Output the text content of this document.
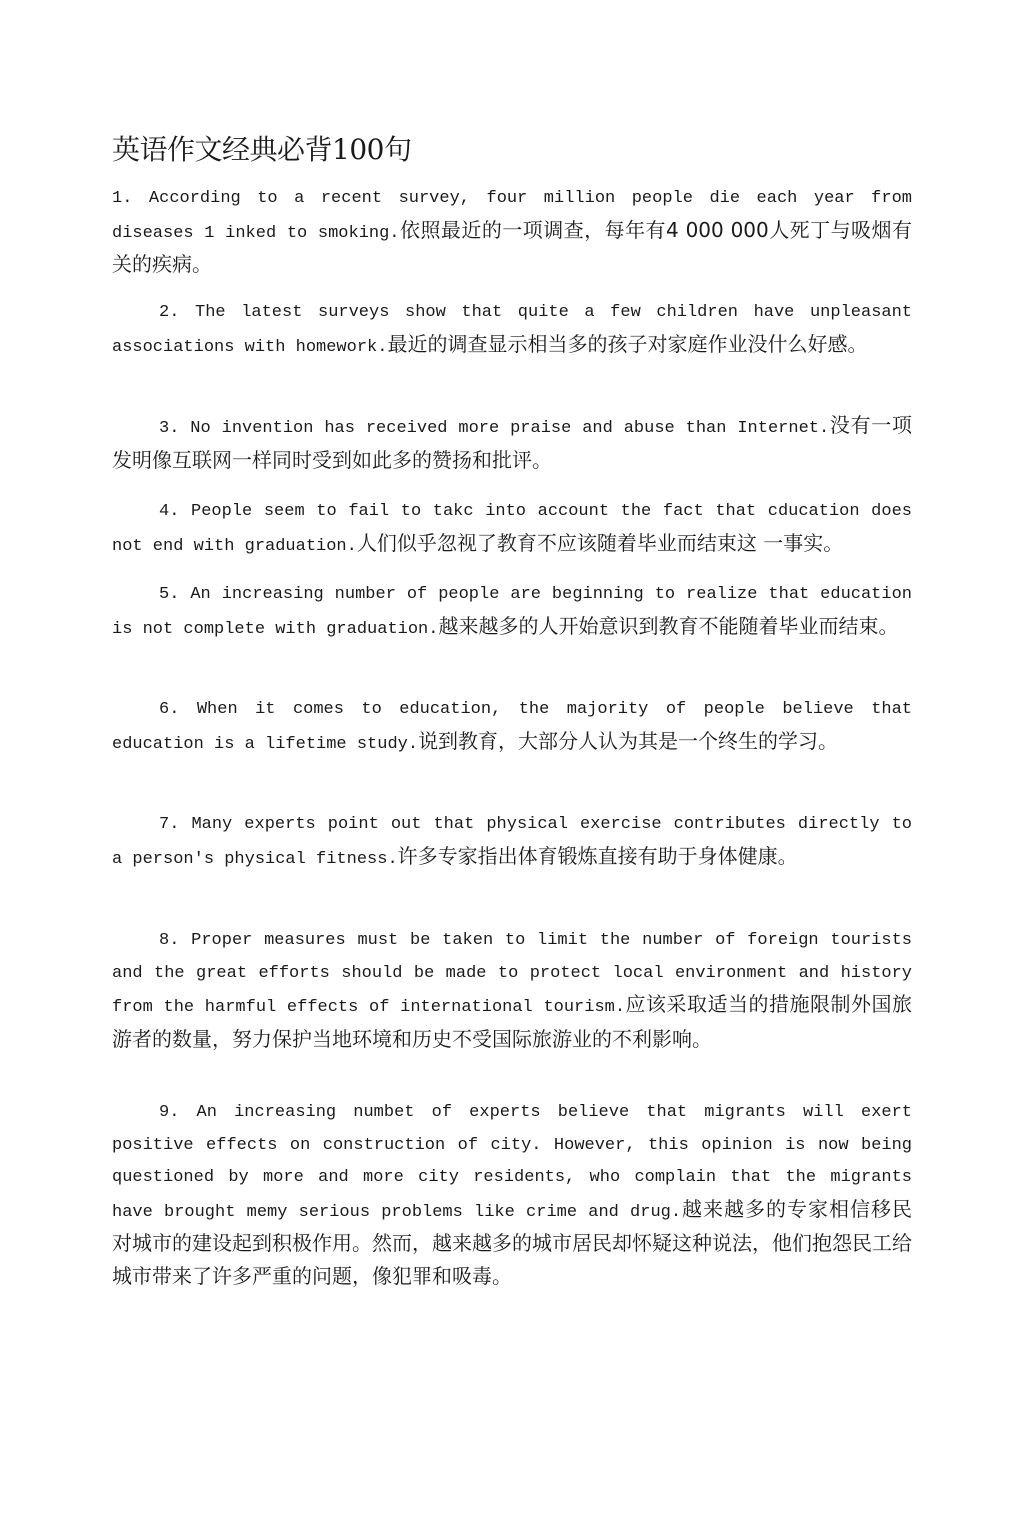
英语作文经典必背100句

1. According to a recent survey, four million people die each year from diseases 1 inked to smoking.依照最近的一项调查，每年有4 000 000人死丁与吸烟有关的疾病。

2. The latest surveys show that quite a few children have unpleasant associations with homework.最近的调查显示相当多的孩子对家庭作业没什么好感。

3. No invention has received more praise and abuse than Internet.没有一项发明像互联网一样同时受到如此多的赞扬和批评。

4. People seem to fail to takc into account the fact that cducation does not end with graduation.人们似乎忽视了教育不应该随着毕业而结束这 一事实。

5. An increasing number of people are beginning to realize that education is not complete with graduation.越来越多的人开始意识到教育不能随着毕业而结束。

6. When it comes to education, the majority of people believe that education is a lifetime study.说到教育，大部分人认为其是一个终生的学习。

7. Many experts point out that physical exercise contributes directly to a person's physical fitness.许多专家指出体育锻炼直接有助于身体健康。

8. Proper measures must be taken to limit the number of foreign tourists and the great efforts should be made to protect local environment and history from the harmful effects of international tourism.应该采取适当的措施限制外国旅游者的数量，努力保护当地环境和历史不受国际旅游业的不利影响。

9. An increasing numbet of experts believe that migrants will exert positive effects on construction of city. However, this opinion is now being questioned by more and more city residents, who complain that the migrants have brought memy serious problems like crime and drug.越来越多的专家相信移民对城市的建设起到积极作用。然而，越来越多的城市居民却怀疑这种说法，他们抱怨民工给城市带来了许多严重的问题，像犯罪和吸毒。
